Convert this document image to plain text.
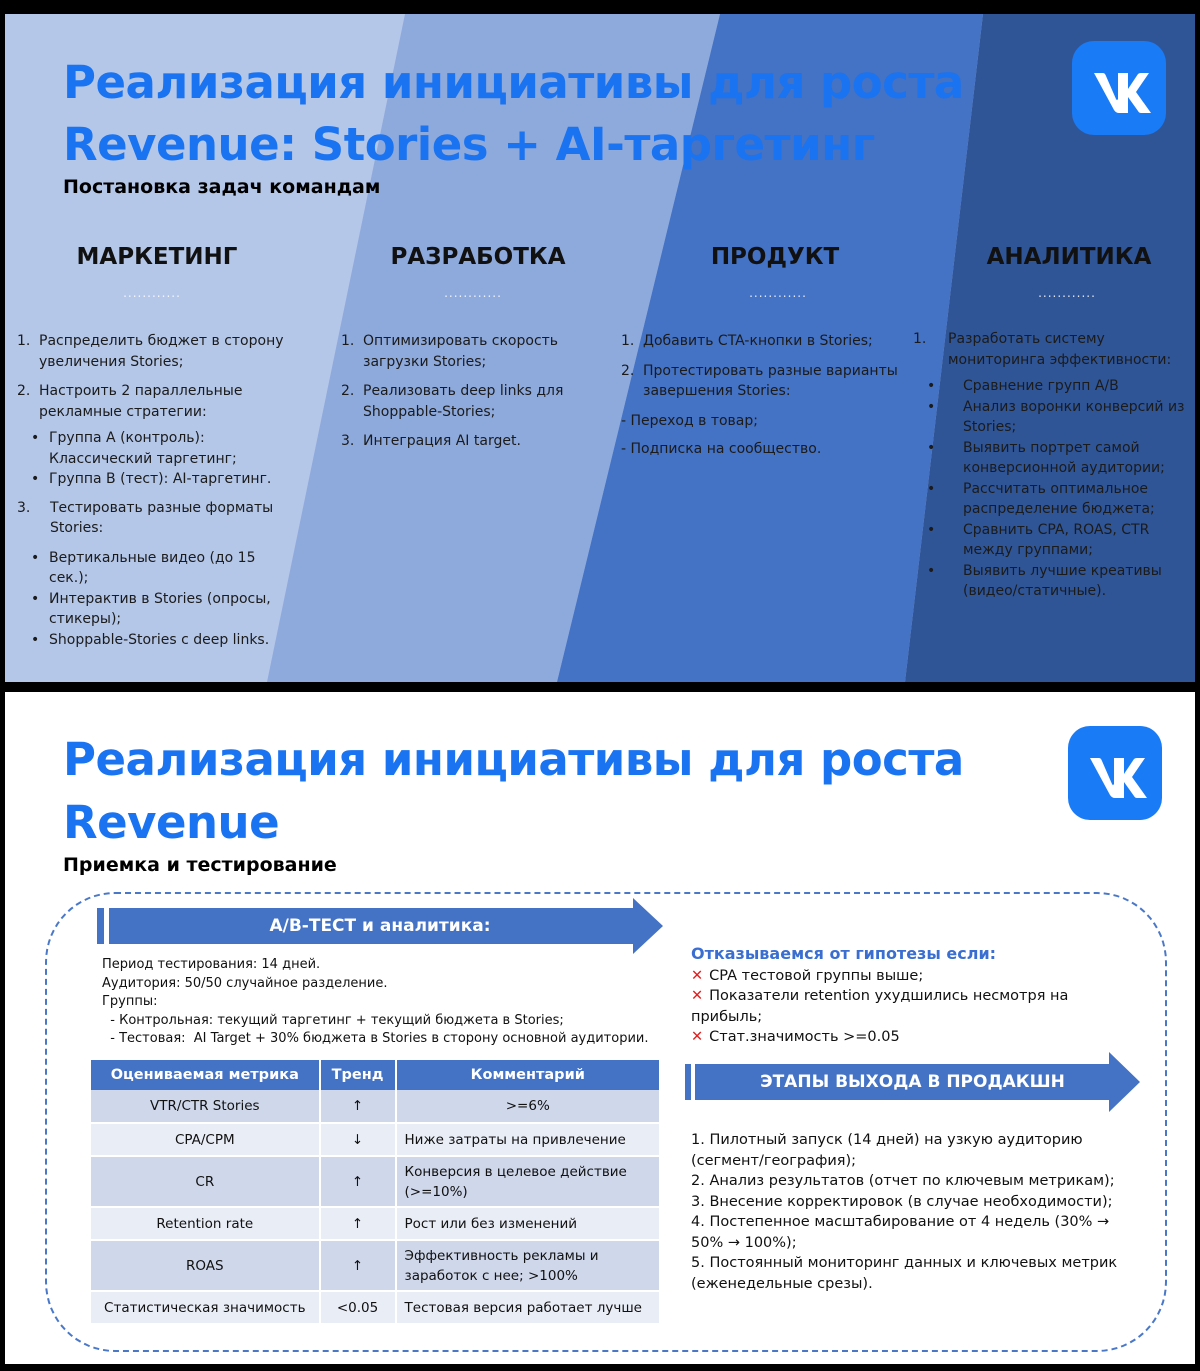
Реализация инициативы для роста
Revenue: Stories + AI-таргетинг
Постановка задач командам
МАРКЕТИНГ	РАЗРАБОТКА	ПРОДУКТ	АНАЛИТИКА
............	............	............	............
1. Распределить бюджет в сторону увеличения Stories;
2. Настроить 2 параллельные рекламные стратегии:
• Группа А (контроль): Классический таргетинг;
• Группа В (тест): AI-таргетинг.
3. Тестировать разные форматы Stories:
• Вертикальные видео (до 15 сек.);
• Интерактив в Stories (опросы, стикеры);
• Shoppable-Stories с deep links.
1. Оптимизировать скорость загрузки Stories;
2. Реализовать deep links для Shoppable-Stories;
3. Интеграция AI target.
1. Добавить CTA-кнопки в Stories;
2. Протестировать разные варианты завершения Stories:
- Переход в товар;
- Подписка на сообщество.
1. Разработать систему мониторинга эффективности:
• Сравнение групп А/В
• Анализ воронки конверсий из Stories;
• Выявить портрет самой конверсионной аудитории;
• Рассчитать оптимальное распределение бюджета;
• Сравнить CPA, ROAS, CTR между группами;
• Выявить лучшие креативы (видео/статичные).
Реализация инициативы для роста
Revenue
Приемка и тестирование
А/В-ТЕСТ и аналитика:
Период тестирования: 14 дней.
Аудитория: 50/50 случайное разделение.
Группы:
- Контрольная: текущий таргетинг + текущий бюджета в Stories;
- Тестовая:  AI Target + 30% бюджета в Stories в сторону основной аудитории.
Оцениваемая метрика	Тренд	Комментарий
VTR/CTR Stories	↑	>=6%
CPA/CPM	↓	Ниже затраты на привлечение
CR	↑	Конверсия в целевое действие (>=10%)
Retention rate	↑	Рост или без изменений
ROAS	↑	Эффективность рекламы и заработок с нее; >100%
Статистическая значимость	<0.05	Тестовая версия работает лучше
Отказываемся от гипотезы если:
✕ CPA тестовой группы выше;
✕ Показатели retention ухудшились несмотря на прибыль;
✕ Стат.значимость >=0.05
ЭТАПЫ ВЫХОДА В ПРОДАКШН
1. Пилотный запуск (14 дней) на узкую аудиторию (сегмент/география);
2. Анализ результатов (отчет по ключевым метрикам);
3. Внесение корректировок (в случае необходимости);
4. Постепенное масштабирование от 4 недель (30% → 50% → 100%);
5. Постоянный мониторинг данных и ключевых метрик (еженедельные срезы).
